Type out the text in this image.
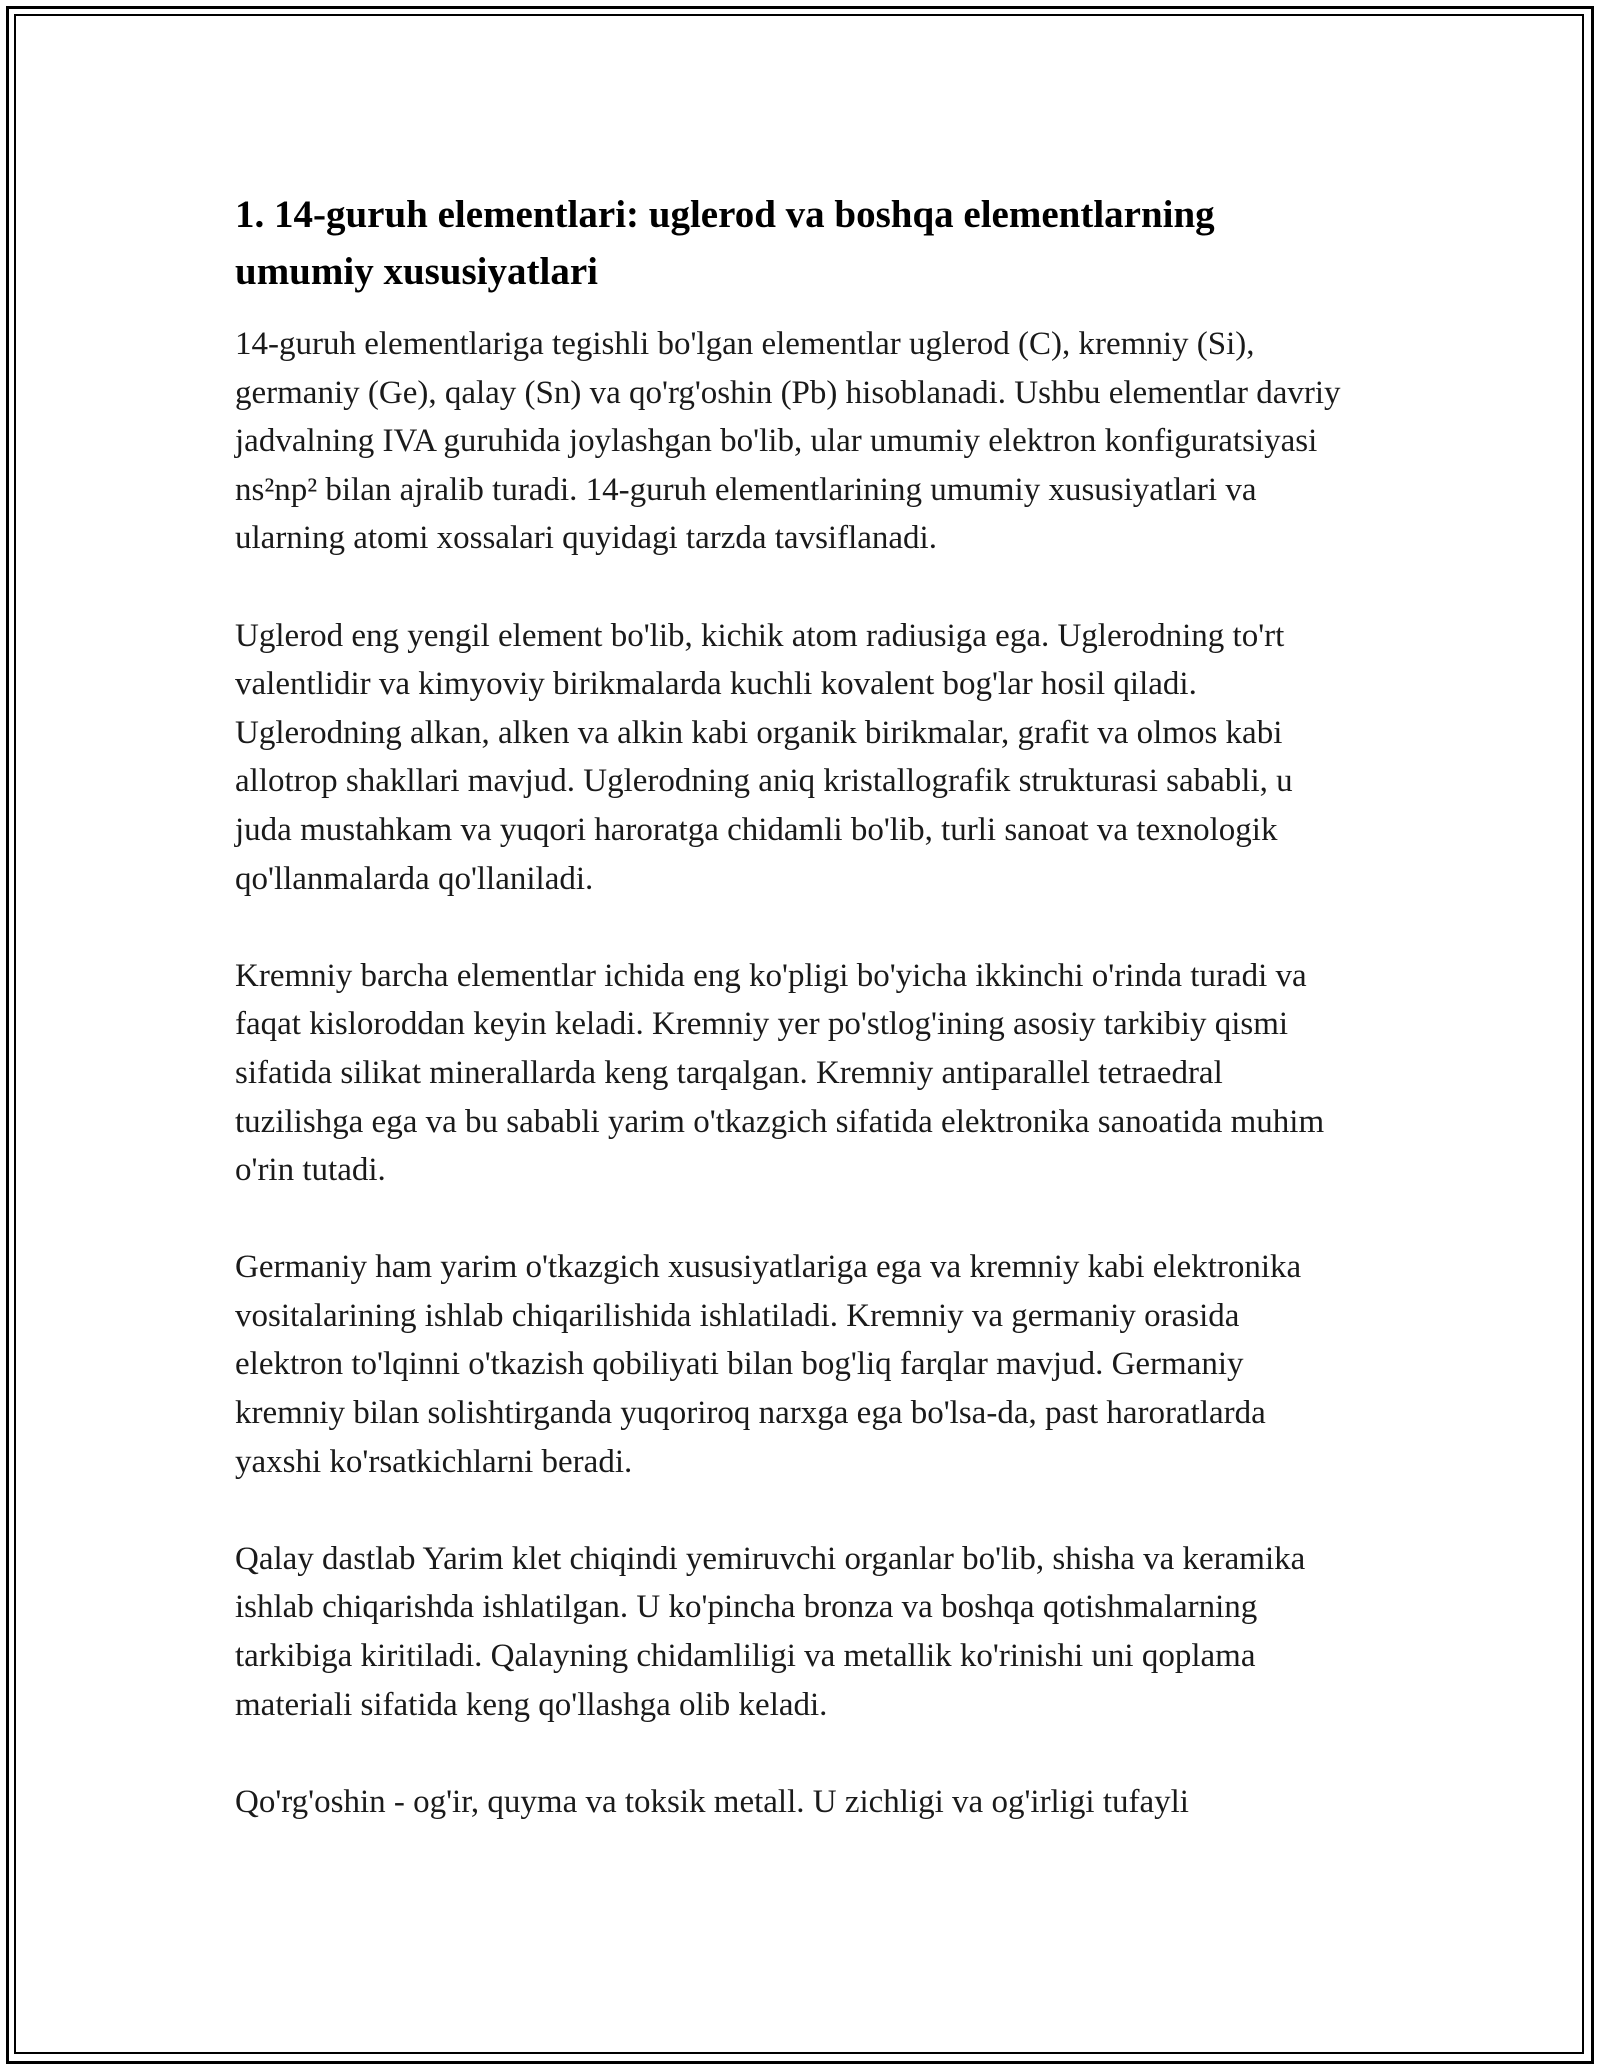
1. 14-guruh elementlari: uglerod va boshqa elementlarning umumiy xususiyatlari

14-guruh elementlariga tegishli bo'lgan elementlar uglerod (C), kremniy (Si), germaniy (Ge), qalay (Sn) va qo'rg'oshin (Pb) hisoblanadi. Ushbu elementlar davriy jadvalning IVA guruhida joylashgan bo'lib, ular umumiy elektron konfiguratsiyasi ns²np² bilan ajralib turadi. 14-guruh elementlarining umumiy xususiyatlari va ularning atomi xossalari quyidagi tarzda tavsiflanadi.

Uglerod eng yengil element bo'lib, kichik atom radiusiga ega. Uglerodning to'rt valentlidir va kimyoviy birikmalarda kuchli kovalent bog'lar hosil qiladi. Uglerodning alkan, alken va alkin kabi organik birikmalar, grafit va olmos kabi allotrop shakllari mavjud. Uglerodning aniq kristallografik strukturasi sababli, u juda mustahkam va yuqori haroratga chidamli bo'lib, turli sanoat va texnologik qo'llanmalarda qo'llaniladi.

Kremniy barcha elementlar ichida eng ko'pligi bo'yicha ikkinchi o'rinda turadi va faqat kisloroddan keyin keladi. Kremniy yer po'stlog'ining asosiy tarkibiy qismi sifatida silikat minerallarda keng tarqalgan. Kremniy antiparallel tetraedral tuzilishga ega va bu sababli yarim o'tkazgich sifatida elektronika sanoatida muhim o'rin tutadi.

Germaniy ham yarim o'tkazgich xususiyatlariga ega va kremniy kabi elektronika vositalarining ishlab chiqarilishida ishlatiladi. Kremniy va germaniy orasida elektron to'lqinni o'tkazish qobiliyati bilan bog'liq farqlar mavjud. Germaniy kremniy bilan solishtirganda yuqoriroq narxga ega bo'lsa-da, past haroratlarda yaxshi ko'rsatkichlarni beradi.

Qalay dastlab Yarim klet chiqindi yemiruvchi organlar bo'lib, shisha va keramika ishlab chiqarishda ishlatilgan. U ko'pincha bronza va boshqa qotishmalarning tarkibiga kiritiladi. Qalayning chidamliligi va metallik ko'rinishi uni qoplama materiali sifatida keng qo'llashga olib keladi.

Qo'rg'oshin - og'ir, quyma va toksik metall. U zichligi va og'irligi tufayli
